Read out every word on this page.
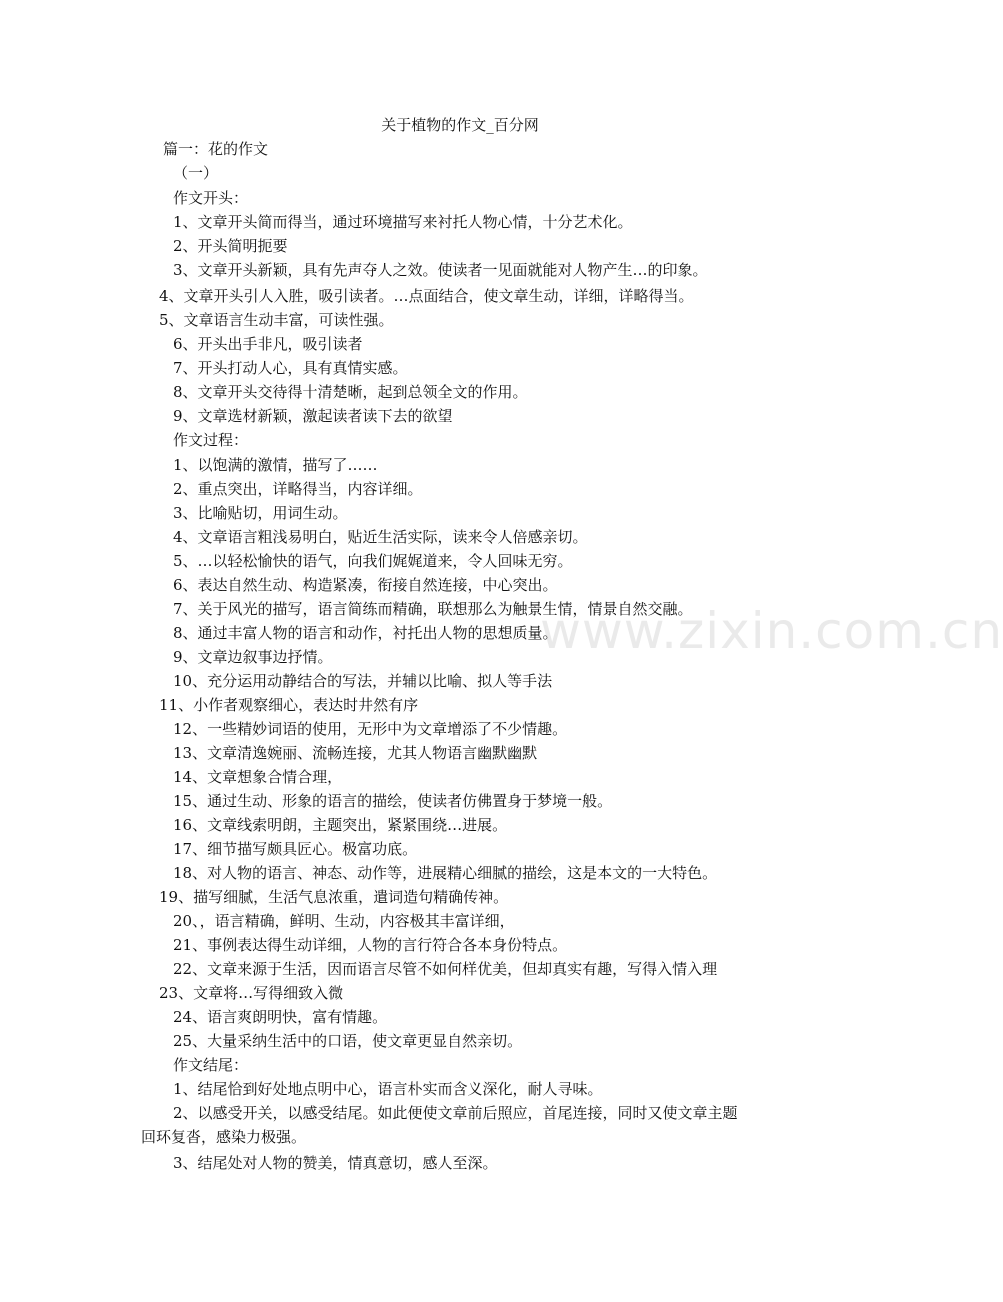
www.zixin.com.cn
关于植物的作文_百分网
篇一：花的作文
（一）
作文开头：
1、文章开头简而得当，通过环境描写来衬托人物心情，十分艺术化。
2、开头简明扼要
3、文章开头新颖，具有先声夺人之效。使读者一见面就能对人物产生…的印象。
4、文章开头引人入胜，吸引读者。…点面结合，使文章生动，详细，详略得当。
5、文章语言生动丰富，可读性强。
6、开头出手非凡，吸引读者
7、开头打动人心，具有真情实感。
8、文章开头交待得十清楚晰，起到总领全文的作用。
9、文章选材新颖，激起读者读下去的欲望
作文过程：
1、以饱满的激情，描写了……
2、重点突出，详略得当，内容详细。
3、比喻贴切，用词生动。
4、文章语言粗浅易明白，贴近生活实际，读来令人倍感亲切。
5、…以轻松愉快的语气，向我们娓娓道来，令人回味无穷。
6、表达自然生动、构造紧凑，衔接自然连接，中心突出。
7、关于风光的描写，语言简练而精确，联想那么为触景生情，情景自然交融。
8、通过丰富人物的语言和动作，衬托出人物的思想质量。
9、文章边叙事边抒情。
10、充分运用动静结合的写法，并辅以比喻、拟人等手法
11、小作者观察细心，表达时井然有序
12、一些精妙词语的使用，无形中为文章增添了不少情趣。
13、文章清逸婉丽、流畅连接，尤其人物语言幽默幽默
14、文章想象合情合理，
15、通过生动、形象的语言的描绘，使读者仿佛置身于梦境一般。
16、文章线索明朗，主题突出，紧紧围绕…进展。
17、细节描写颇具匠心。极富功底。
18、对人物的语言、神态、动作等，进展精心细腻的描绘，这是本文的一大特色。
19、描写细腻，生活气息浓重，遣词造句精确传神。
20、，语言精确，鲜明、生动，内容极其丰富详细，
21、事例表达得生动详细，人物的言行符合各本身份特点。
22、文章来源于生活，因而语言尽管不如何样优美，但却真实有趣，写得入情入理
23、文章将…写得细致入微
24、语言爽朗明快，富有情趣。
25、大量采纳生活中的口语，使文章更显自然亲切。
作文结尾：
1、结尾恰到好处地点明中心，语言朴实而含义深化，耐人寻味。
2、以感受开关，以感受结尾。如此便使文章前后照应，首尾连接，同时又使文章主题
回环复沓，感染力极强。
3、结尾处对人物的赞美，情真意切，感人至深。
